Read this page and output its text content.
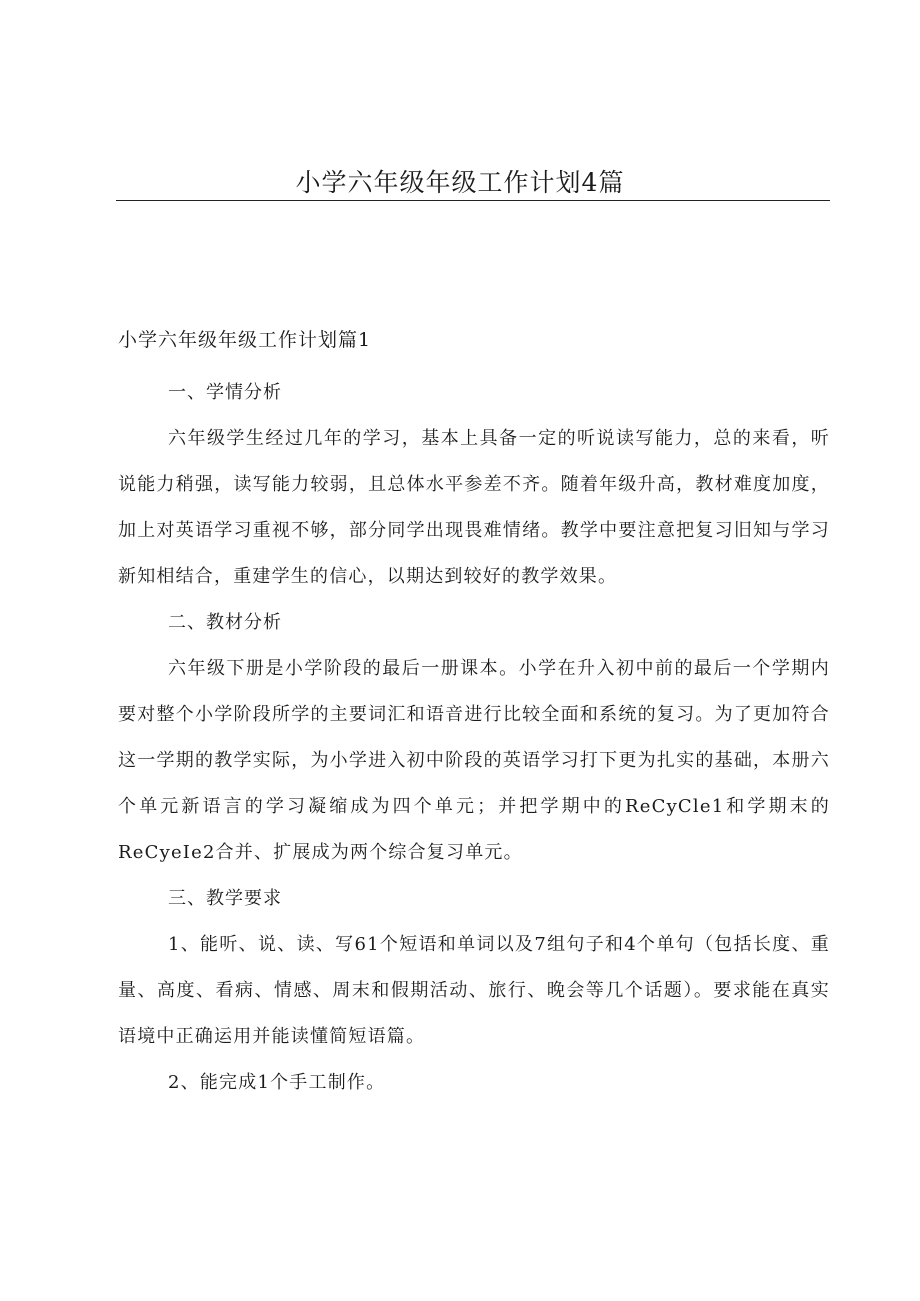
小学六年级年级工作计划4篇
小学六年级年级工作计划篇1

一、学情分析

六年级学生经过几年的学习，基本上具备一定的听说读写能力，总的来看，听说能力稍强，读写能力较弱，且总体水平参差不齐。随着年级升高，教材难度加度，加上对英语学习重视不够，部分同学出现畏难情绪。教学中要注意把复习旧知与学习新知相结合，重建学生的信心，以期达到较好的教学效果。

二、教材分析

六年级下册是小学阶段的最后一册课本。小学在升入初中前的最后一个学期内要对整个小学阶段所学的主要词汇和语音进行比较全面和系统的复习。为了更加符合这一学期的教学实际，为小学进入初中阶段的英语学习打下更为扎实的基础，本册六个单元新语言的学习凝缩成为四个单元；并把学期中的ReCyCle1和学期末的ReCyeIe2合并、扩展成为两个综合复习单元。

三、教学要求

1、能听、说、读、写61个短语和单词以及7组句子和4个单句（包括长度、重量、高度、看病、情感、周末和假期活动、旅行、晚会等几个话题）。要求能在真实语境中正确运用并能读懂简短语篇。

2、能完成1个手工制作。
